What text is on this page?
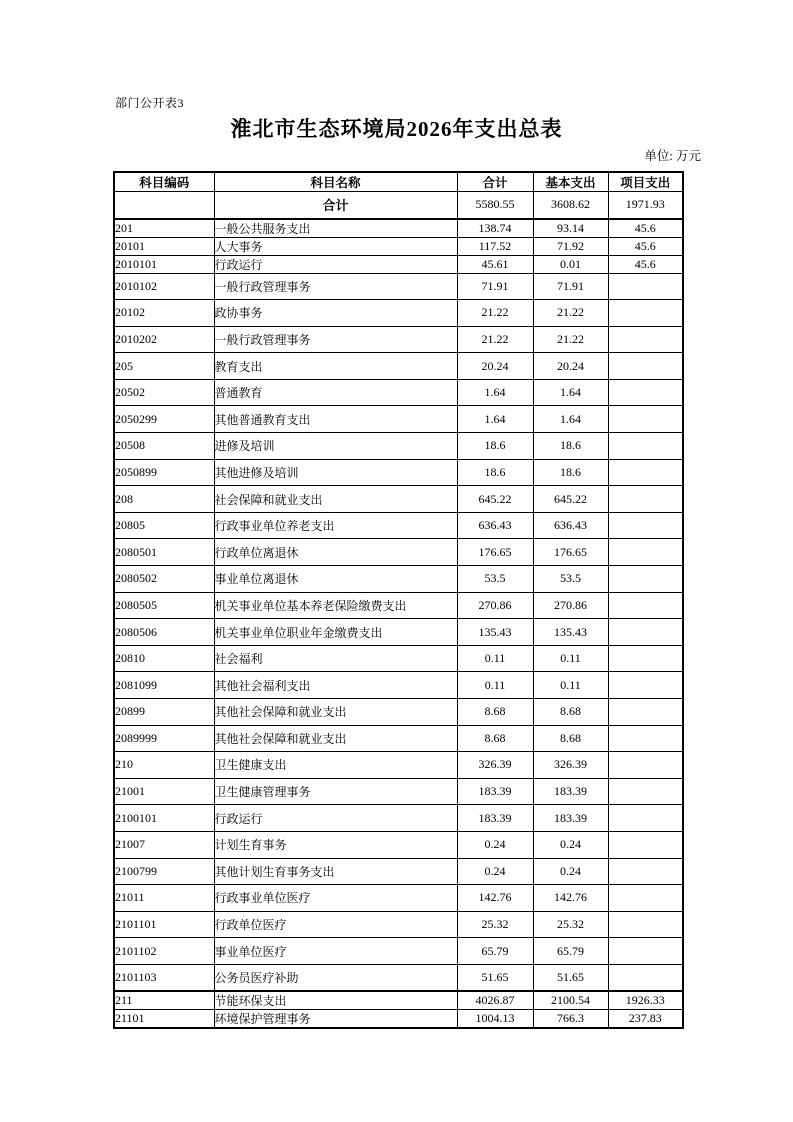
部门公开表3
淮北市生态环境局2026年支出总表
单位: 万元
科目编码	科目名称	合计	基本支出	项目支出
	合计	5580.55	3608.62	1971.93
201	一般公共服务支出	138.74	93.14	45.6
20101	人大事务	117.52	71.92	45.6
2010101	行政运行	45.61	0.01	45.6
2010102	一般行政管理事务	71.91	71.91	
20102	政协事务	21.22	21.22	
2010202	一般行政管理事务	21.22	21.22	
205	教育支出	20.24	20.24	
20502	普通教育	1.64	1.64	
2050299	其他普通教育支出	1.64	1.64	
20508	进修及培训	18.6	18.6	
2050899	其他进修及培训	18.6	18.6	
208	社会保障和就业支出	645.22	645.22	
20805	行政事业单位养老支出	636.43	636.43	
2080501	行政单位离退休	176.65	176.65	
2080502	事业单位离退休	53.5	53.5	
2080505	机关事业单位基本养老保险缴费支出	270.86	270.86	
2080506	机关事业单位职业年金缴费支出	135.43	135.43	
20810	社会福利	0.11	0.11	
2081099	其他社会福利支出	0.11	0.11	
20899	其他社会保障和就业支出	8.68	8.68	
2089999	其他社会保障和就业支出	8.68	8.68	
210	卫生健康支出	326.39	326.39	
21001	卫生健康管理事务	183.39	183.39	
2100101	行政运行	183.39	183.39	
21007	计划生育事务	0.24	0.24	
2100799	其他计划生育事务支出	0.24	0.24	
21011	行政事业单位医疗	142.76	142.76	
2101101	行政单位医疗	25.32	25.32	
2101102	事业单位医疗	65.79	65.79	
2101103	公务员医疗补助	51.65	51.65	
211	节能环保支出	4026.87	2100.54	1926.33
21101	环境保护管理事务	1004.13	766.3	237.83
